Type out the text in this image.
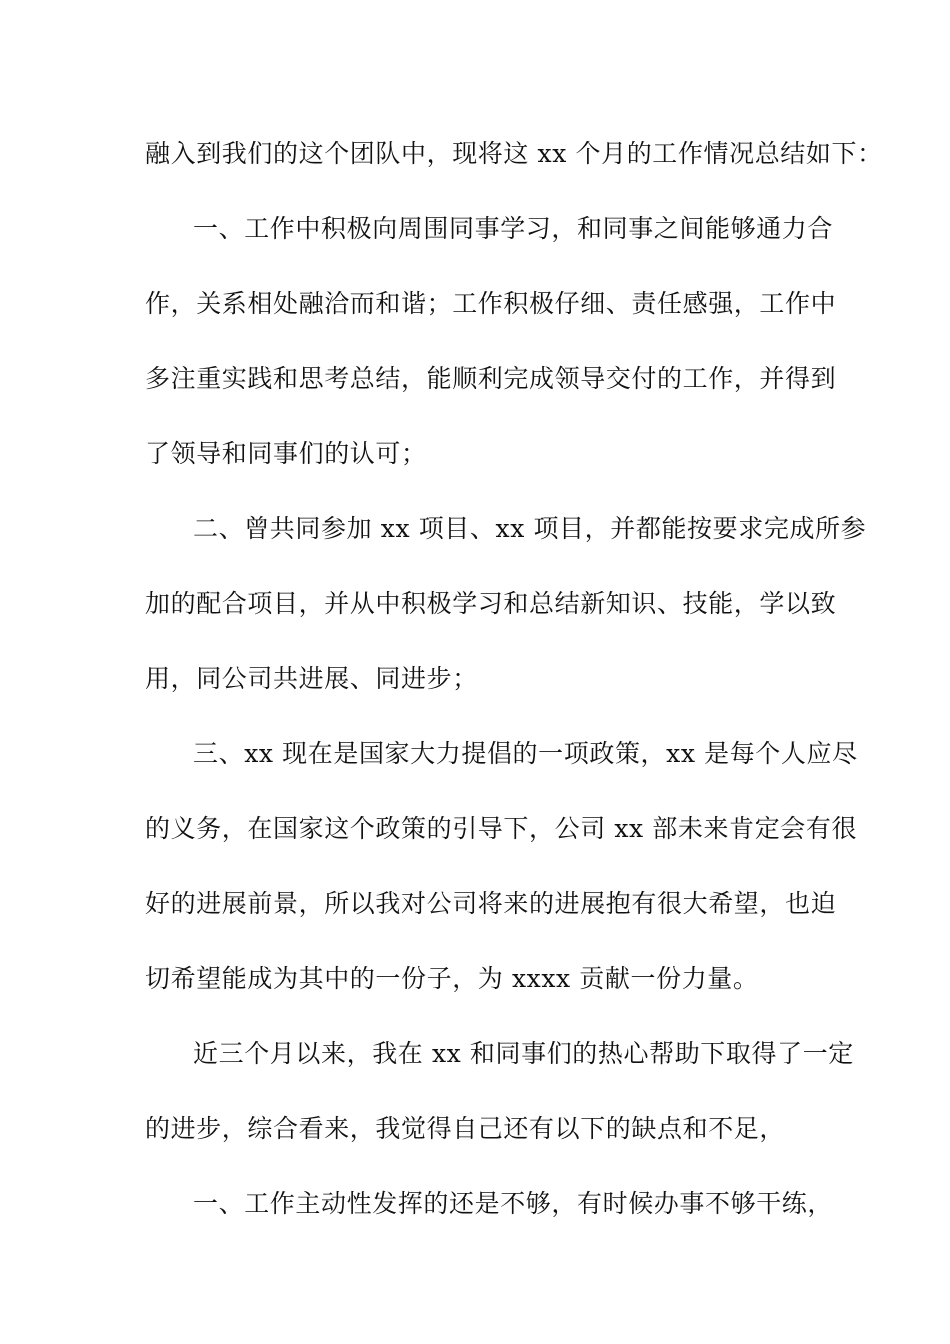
融入到我们的这个团队中，现将这 xx 个月的工作情况总结如下：
一、工作中积极向周围同事学习，和同事之间能够通力合
作，关系相处融洽而和谐；工作积极仔细、责任感强，工作中
多注重实践和思考总结，能顺利完成领导交付的工作，并得到
了领导和同事们的认可；
二、曾共同参加 xx 项目、xx 项目，并都能按要求完成所参
加的配合项目，并从中积极学习和总结新知识、技能，学以致
用，同公司共进展、同进步；
三、xx 现在是国家大力提倡的一项政策，xx 是每个人应尽
的义务，在国家这个政策的引导下，公司 xx 部未来肯定会有很
好的进展前景，所以我对公司将来的进展抱有很大希望，也迫
切希望能成为其中的一份子，为 xxxx 贡献一份力量。
近三个月以来，我在 xx 和同事们的热心帮助下取得了一定
的进步，综合看来，我觉得自己还有以下的缺点和不足，
一、工作主动性发挥的还是不够，有时候办事不够干练，
